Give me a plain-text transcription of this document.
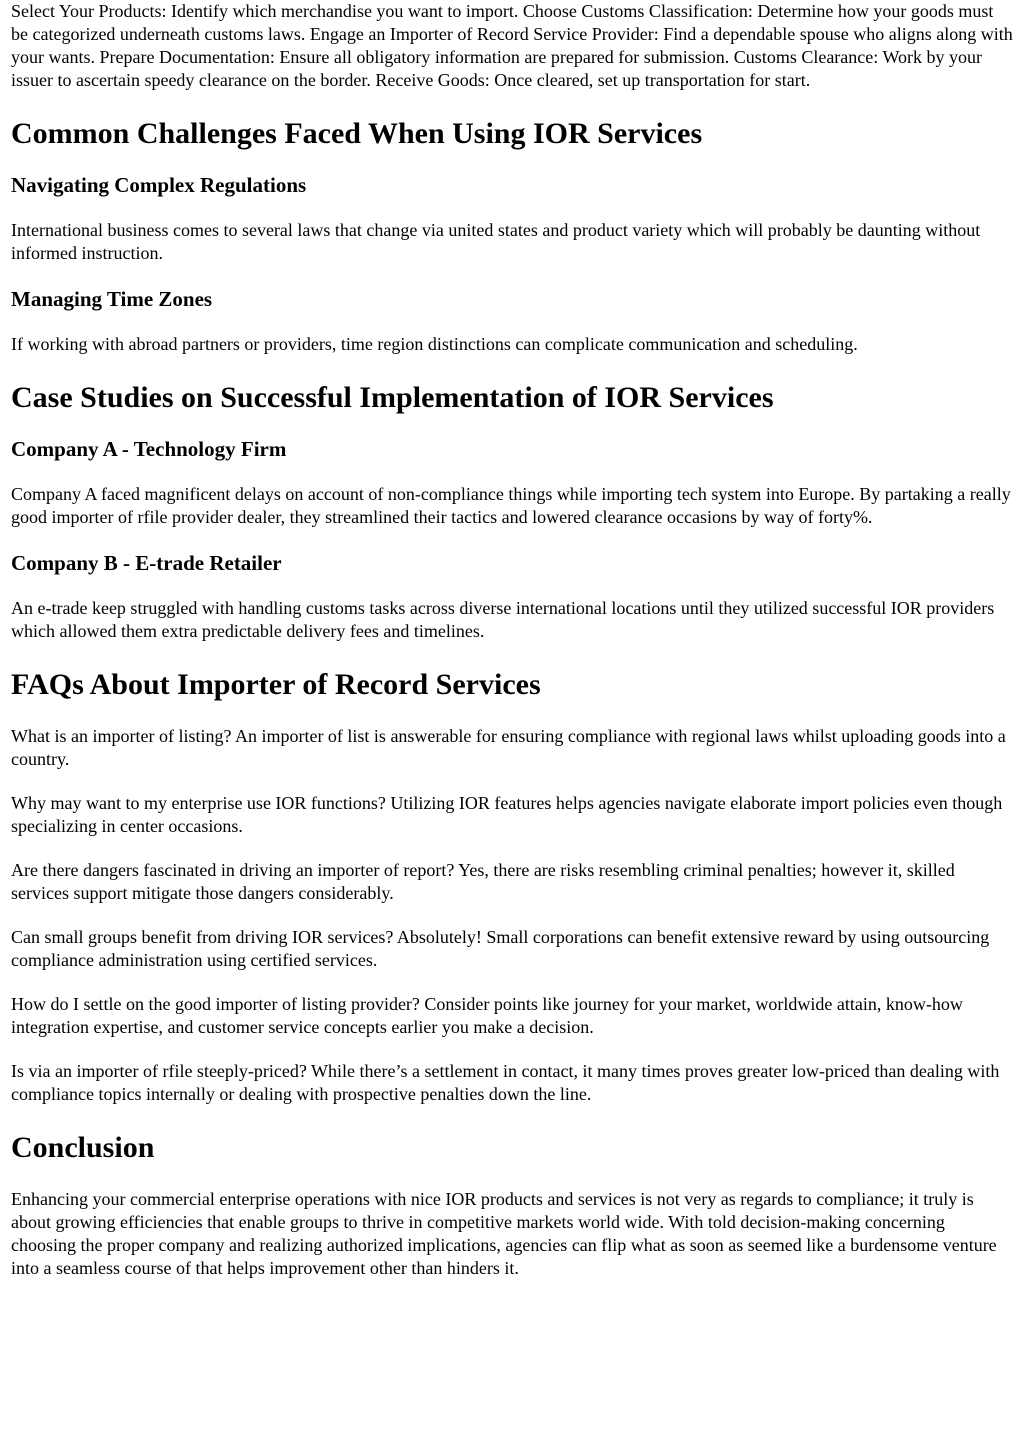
Select Your Products: Identify which merchandise you want to import. Choose Customs Classification: Determine how your goods must be categorized underneath customs laws. Engage an Importer of Record Service Provider: Find a dependable spouse who aligns along with your wants. Prepare Documentation: Ensure all obligatory information are prepared for submission. Customs Clearance: Work by your issuer to ascertain speedy clearance on the border. Receive Goods: Once cleared, set up transportation for start.

Common Challenges Faced When Using IOR Services
Navigating Complex Regulations

International business comes to several laws that change via united states and product variety which will probably be daunting without informed instruction.

Managing Time Zones

If working with abroad partners or providers, time region distinctions can complicate communication and scheduling.

Case Studies on Successful Implementation of IOR Services
Company A - Technology Firm

Company A faced magnificent delays on account of non-compliance things while importing tech system into Europe. By partaking a really good importer of rfile provider dealer, they streamlined their tactics and lowered clearance occasions by way of forty%.

Company B - E-trade Retailer

An e-trade keep struggled with handling customs tasks across diverse international locations until they utilized successful IOR providers which allowed them extra predictable delivery fees and timelines.

FAQs About Importer of Record Services

What is an importer of listing? An importer of list is answerable for ensuring compliance with regional laws whilst uploading goods into a country.

Why may want to my enterprise use IOR functions? Utilizing IOR features helps agencies navigate elaborate import policies even though specializing in center occasions.

Are there dangers fascinated in driving an importer of report? Yes, there are risks resembling criminal penalties; however it, skilled services support mitigate those dangers considerably.

Can small groups benefit from driving IOR services? Absolutely! Small corporations can benefit extensive reward by using outsourcing compliance administration using certified services.

How do I settle on the good importer of listing provider? Consider points like journey for your market, worldwide attain, know-how integration expertise, and customer service concepts earlier you make a decision.

Is via an importer of rfile steeply-priced? While there’s a settlement in contact, it many times proves greater low-priced than dealing with compliance topics internally or dealing with prospective penalties down the line.

Conclusion

Enhancing your commercial enterprise operations with nice IOR products and services is not very as regards to compliance; it truly is about growing efficiencies that enable groups to thrive in competitive markets world wide. With told decision-making concerning choosing the proper company and realizing authorized implications, agencies can flip what as soon as seemed like a burdensome venture into a seamless course of that helps improvement other than hinders it.
